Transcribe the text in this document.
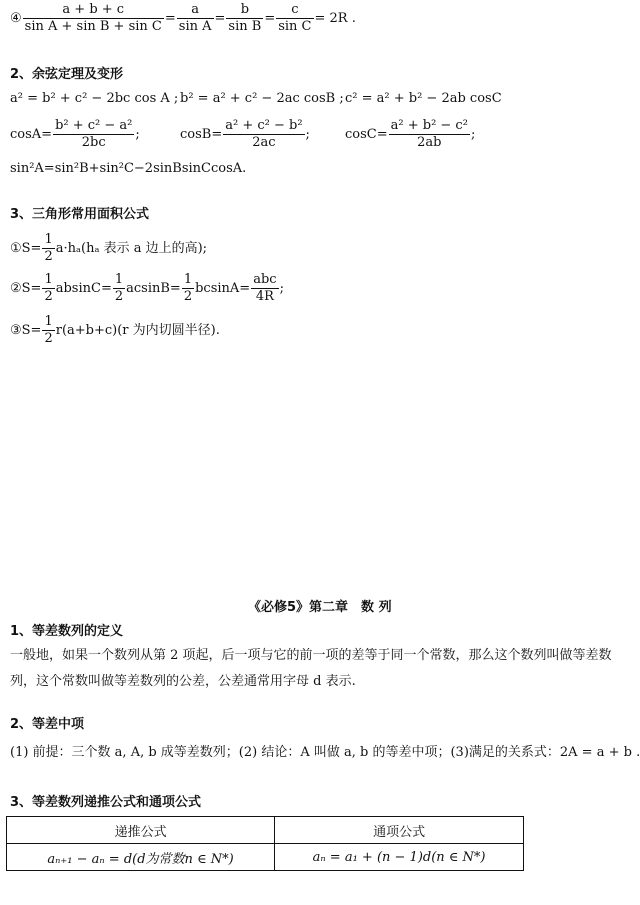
④ $\frac{a + b + c}{\text{sin A + sin B + sin C}} = \frac{a}{\text{sin A}} = \frac{b}{\text{sin B}} = \frac{c}{\text{sin C}} = 2R$ .
2、余弦定理及变形
a² = b² + c² − 2bc cos A ; b² = a² + c² − 2ac cosB ; c² = a² + b² − 2ab cosC
$\cos A= \frac{\text{b² + c² − a²}}{2bc}$ ;	$\cos B= \frac{\text{a² + c² − b²}}{2ac}$ ;	$\cos C= \frac{\text{a² + b² − c²}}{2ab}$ ;
sin²A=sin²B+sin²C−2sinBsinCcosA.
3、三角形常用面积公式
①S= $\frac{1}{2} a\cdot h_a(h_a$ 表示 a 边上的高);
②S= $\frac{1}{2} absinC= \frac{1}{2} acsinB= \frac{1}{2} bcsinA= \frac{\text{abc}}{4R}$ ;
③S= $\frac{1}{2} r(a+b+c)(r$ 为内切圆半径).
《必修5》第二章　数 列
1、等差数列的定义
一般地，如果一个数列从第 2 项起，后一项与它的前一项的差等于同一个常数，那么这个数列叫做等差数列，这个常数叫做等差数列的公差，公差通常用字母 d 表示.
2、等差中项
(1) 前提：三个数 a, A, b 成等差数列；(2) 结论：A 叫做 a, b 的等差中项；(3)满足的关系式：2A = a + b .
3、等差数列递推公式和通项公式
递推公式	通项公式
aₙ₊₁ − aₙ = d(d为常数n ∈ N*)	aₙ = a₁ + (n − 1)d(n ∈ N*)
